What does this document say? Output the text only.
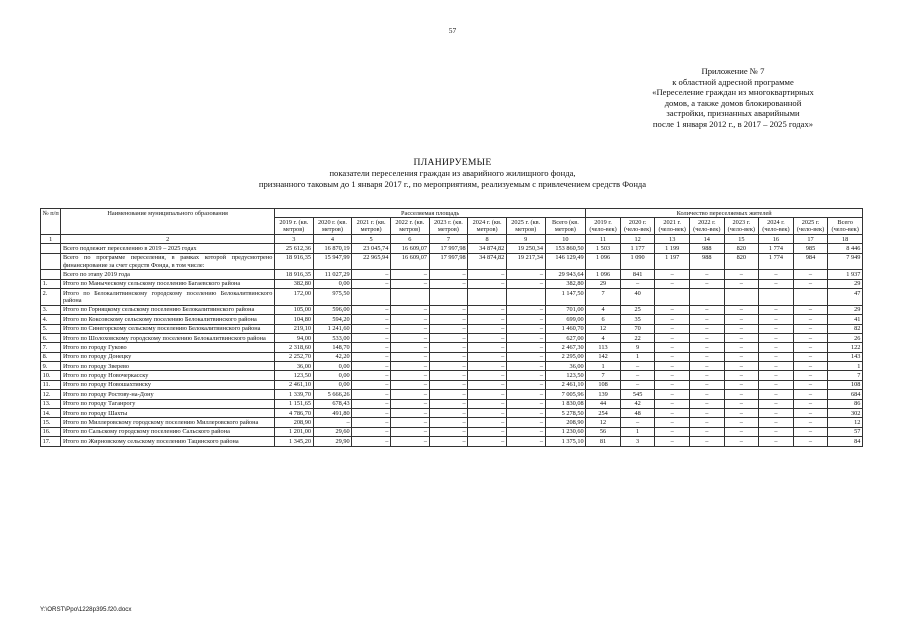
57
Приложение № 7
к областной адресной программе
«Переселение граждан из многоквартирных
домов, а также домов блокированной
застройки, признанных аварийными
после 1 января 2012 г., в 2017 – 2025 годах»
ПЛАНИРУЕМЫЕ
показатели переселения граждан из аварийного жилищного фонда,
признанного таковым до 1 января 2017 г., по мероприятиям, реализуемым с привлечением средств Фонда
№ п/п	Наименование муниципального образования	Расселяемая площадь								Количество переселяемых жителей							
		2019 г. (кв. метров)	2020 г. (кв. метров)	2021 г. (кв. метров)	2022 г. (кв. метров)	2023 г. (кв. метров)	2024 г. (кв. метров)	2025 г. (кв. метров)	Всего (кв. метров)	2019 г. (чело-век)	2020 г. (чело-век)	2021 г. (чело-век)	2022 г. (чело-век)	2023 г. (чело-век)	2024 г. (чело-век)	2025 г. (чело-век)	Всего (чело-век)
1	2	3	4	5	6	7	8	9	10	11	12	13	14	15	16	17	18
	Всего подлежит переселению в 2019 – 2025 годах	25 612,36	16 870,19	23 045,74	16 609,07	17 997,98	34 874,82	19 250,34	153 860,50	1 503	1 177	1 199	988	820	1 774	985	8 446
	Всего по программе переселения, в рамках которой предусмотрено финансирование за счет средств Фонда, в том числе:	18 916,35	15 947,99	22 965,94	16 609,07	17 997,98	34 874,82	19 217,34	146 129,49	1 096	1 090	1 197	988	820	1 774	984	7 949
	Всего по этапу 2019 года	18 916,35	11 027,29	–	–	–	–	–	29 943,64	1 096	841	–	–	–	–	–	1 937
1.	Итого по Маныческому сельскому поселению Багаевского района	382,80	0,00	–	–	–	–	–	382,80	29	–	–	–	–	–	–	29
2.	Итого по Белокалитвинскому городскому поселению Белокалитвинского района	172,00	975,50						1 147,50	7	40						47
3.	Итого по Горняцкому сельскому поселению Белокалитвинского района	105,00	596,00	–	–	–	–	–	701,00	4	25	–	–	–	–	–	29
4.	Итого по Коксовскому сельскому поселению Белокалитвинского района	104,80	594,20	–	–	–	–	–	699,00	6	35	–	–	–	–	–	41
5.	Итого по Синегорскому сельскому поселению Белокалитвинского района	219,10	1 241,60	–	–	–	–	–	1 460,70	12	70	–	–	–	–	–	82
6.	Итого по Шолоховскому городскому поселению Белокалитвинского района	94,00	533,00	–	–	–	–	–	627,00	4	22	–	–	–	–	–	26
7.	Итого по городу Гуково	2 318,60	148,70	–	–	–	–	–	2 467,30	113	9	–	–	–	–	–	122
8.	Итого по городу Донецку	2 252,70	42,20	–	–	–	–	–	2 295,00	142	1	–	–	–	–	–	143
9.	Итого по городу Зверево	36,00	0,00	–	–	–	–	–	36,00	1	–	–	–	–	–	–	1
10.	Итого по городу Новочеркасску	123,50	0,00	–	–	–	–	–	123,50	7	–	–	–	–	–	–	7
11.	Итого по городу Новошахтинску	2 461,10	0,00	–	–	–	–	–	2 461,10	108	–	–	–	–	–	–	108
12.	Итого по городу Ростову-на-Дону	1 339,70	5 666,26	–	–	–	–	–	7 005,96	139	545	–	–	–	–	–	684
13.	Итого по городу Таганрогу	1 151,65	678,43	–	–	–	–	–	1 830,08	44	42	–	–	–	–	–	86
14.	Итого по городу Шахты	4 786,70	491,80	–	–	–	–	–	5 278,50	254	48	–	–	–	–	–	302
15.	Итого по Миллеровскому городскому поселению Миллеровского района	208,90	–	–	–	–	–	–	208,90	12	–	–	–	–	–	–	12
16.	Итого по Сальскому городскому поселению Сальского района	1 201,00	29,60	–	–	–	–	–	1 230,60	56	1	–	–	–	–	–	57
17.	Итого по Жирновскому сельскому поселению Тацинского района	1 345,20	29,90	–	–	–	–	–	1 375,10	81	3	–	–	–	–	–	84
Y:\ORST\Ppo\1228p395.f20.docx
